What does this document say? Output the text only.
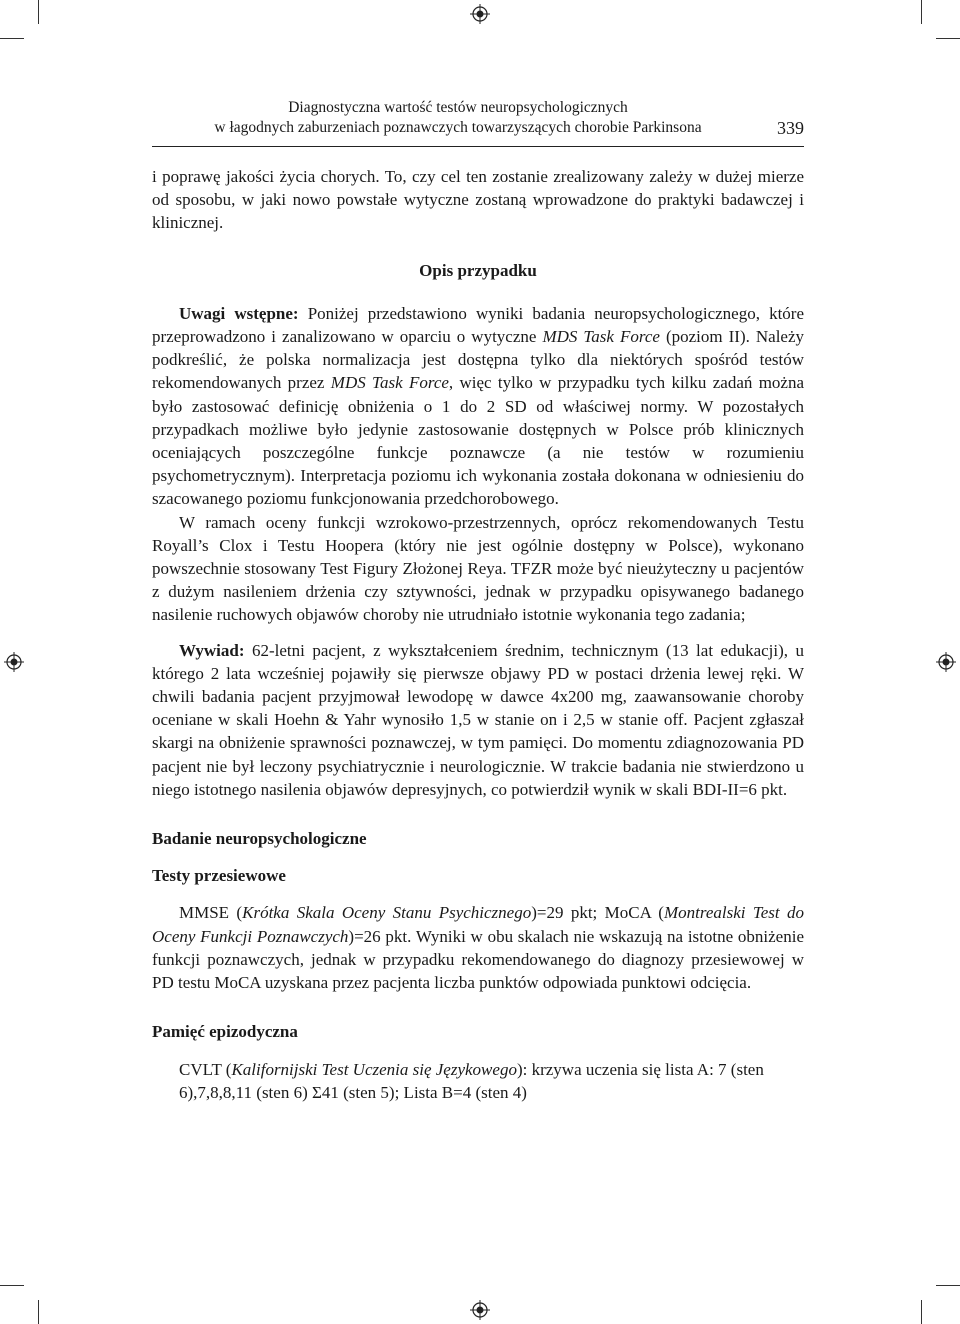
Diagnostyczna wartość testów neuropsychologicznych
w łagodnych zaburzeniach poznawczych towarzyszących chorobie Parkinsona	339

i poprawę jakości życia chorych. To, czy cel ten zostanie zrealizowany zależy w dużej mierze od sposobu, w jaki nowo powstałe wytyczne zostaną wprowadzone do praktyki badawczej i klinicznej.

Opis przypadku

Uwagi wstępne: Poniżej przedstawiono wyniki badania neuropsychologicznego, które przeprowadzono i zanalizowano w oparciu o wytyczne MDS Task Force (poziom II). Należy podkreślić, że polska normalizacja jest dostępna tylko dla niektórych spośród testów rekomendowanych przez MDS Task Force, więc tylko w przypadku tych kilku zadań można było zastosować definicję obniżenia o 1 do 2 SD od właściwej normy. W pozostałych przypadkach możliwe było jedynie zastosowanie dostępnych w Polsce prób klinicznych oceniających poszczególne funkcje poznawcze (a nie testów w rozumieniu psychometrycznym). Interpretacja poziomu ich wykonania została dokonana w odniesieniu do szacowanego poziomu funkcjonowania przedchorobowego.

W ramach oceny funkcji wzrokowo-przestrzennych, oprócz rekomendowanych Testu Royall’s Clox i Testu Hoopera (który nie jest ogólnie dostępny w Polsce), wykonano powszechnie stosowany Test Figury Złożonej Reya. TFZR może być nieużyteczny u pacjentów z dużym nasileniem drżenia czy sztywności, jednak w przypadku opisywanego badanego nasilenie ruchowych objawów choroby nie utrudniało istotnie wykonania tego zadania;

Wywiad: 62-letni pacjent, z wykształceniem średnim, technicznym (13 lat edukacji), u którego 2 lata wcześniej pojawiły się pierwsze objawy PD w postaci drżenia lewej ręki. W chwili badania pacjent przyjmował lewodopę w dawce 4x200 mg, zaawansowanie choroby oceniane w skali Hoehn & Yahr wynosiło 1,5 w stanie on i 2,5 w stanie off. Pacjent zgłaszał skargi na obniżenie sprawności poznawczej, w tym pamięci. Do momentu zdiagnozowania PD pacjent nie był leczony psychiatrycznie i neurologicznie. W trakcie badania nie stwierdzono u niego istotnego nasilenia objawów depresyjnych, co potwierdził wynik w skali BDI-II=6 pkt.

Badanie neuropsychologiczne

Testy przesiewowe

MMSE (Krótka Skala Oceny Stanu Psychicznego)=29 pkt; MoCA (Montrealski Test do Oceny Funkcji Poznawczych)=26 pkt. Wyniki w obu skalach nie wskazują na istotne obniżenie funkcji poznawczych, jednak w przypadku rekomendowanego do diagnozy przesiewowej w PD testu MoCA uzyskana przez pacjenta liczba punktów odpowiada punktowi odcięcia.

Pamięć epizodyczna

CVLT (Kalifornijski Test Uczenia się Językowego): krzywa uczenia się lista A: 7 (sten 6),7,8,8,11 (sten 6) Σ41 (sten 5); Lista B=4 (sten 4)
